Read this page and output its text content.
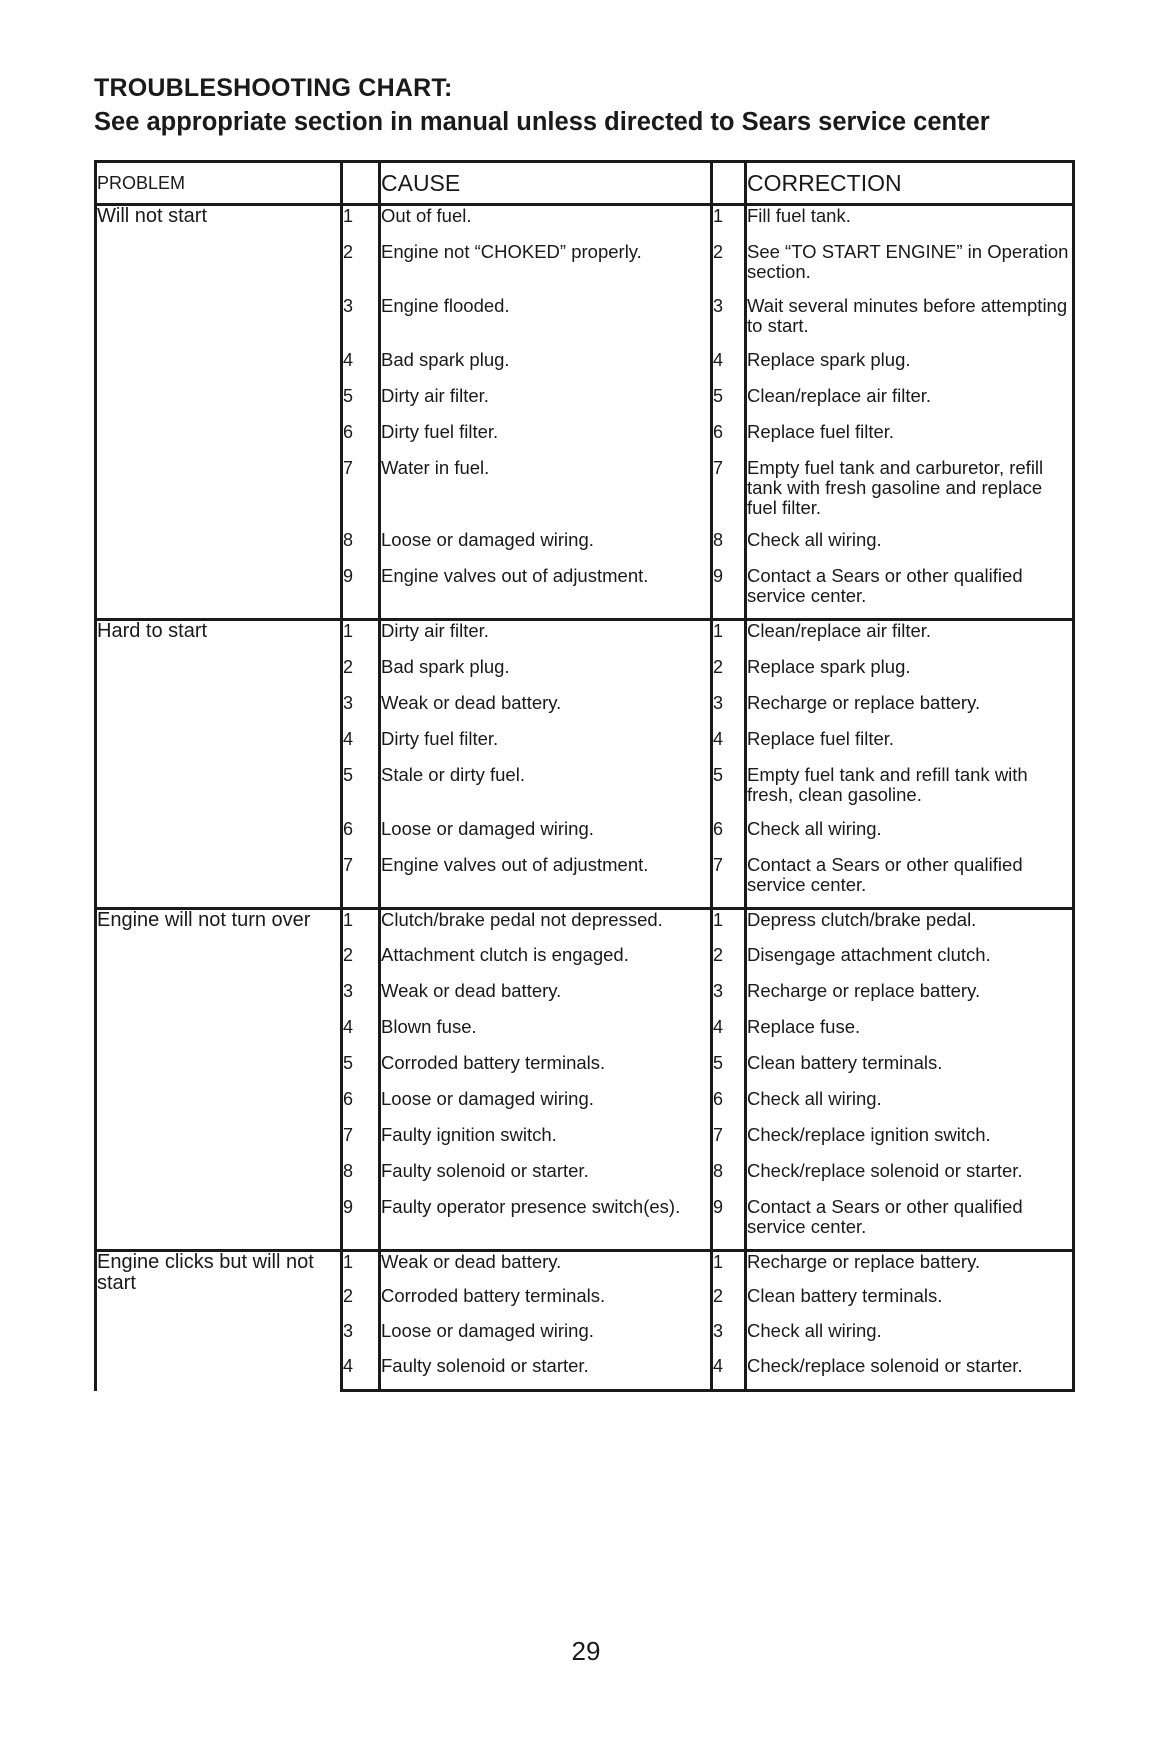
TROUBLESHOOTING CHART:
See appropriate section in manual unless directed to Sears service center
PROBLEM		CAUSE		CORRECTION
Will not start	1	Out of fuel.	1	Fill fuel tank.
	2	Engine not “CHOKED” properly.	2	See “TO START ENGINE” in Operation section.
	3	Engine flooded.	3	Wait several minutes before attempting to start.
	4	Bad spark plug.	4	Replace spark plug.
	5	Dirty air filter.	5	Clean/replace air filter.
	6	Dirty fuel filter.	6	Replace fuel filter.
	7	Water in fuel.	7	Empty fuel tank and carburetor, refill tank with fresh gasoline and replace fuel filter.
	8	Loose or damaged wiring.	8	Check all wiring.
	9	Engine valves out of adjustment.	9	Contact a Sears or other qualified service center.
Hard to start	1	Dirty air filter.	1	Clean/replace air filter.
	2	Bad spark plug.	2	Replace spark plug.
	3	Weak or dead battery.	3	Recharge or replace battery.
	4	Dirty fuel filter.	4	Replace fuel filter.
	5	Stale or dirty fuel.	5	Empty fuel tank and refill tank with fresh, clean gasoline.
	6	Loose or damaged wiring.	6	Check all wiring.
	7	Engine valves out of adjustment.	7	Contact a Sears or other qualified service center.
Engine will not turn over	1	Clutch/brake pedal not depressed.	1	Depress clutch/brake pedal.
	2	Attachment clutch is engaged.	2	Disengage attachment clutch.
	3	Weak or dead battery.	3	Recharge or replace battery.
	4	Blown fuse.	4	Replace fuse.
	5	Corroded battery terminals.	5	Clean battery terminals.
	6	Loose or damaged wiring.	6	Check all wiring.
	7	Faulty ignition switch.	7	Check/replace ignition switch.
	8	Faulty solenoid or starter.	8	Check/replace solenoid or starter.
	9	Faulty operator presence switch(es).	9	Contact a Sears or other qualified service center.
Engine clicks but will not start	1	Weak or dead battery.	1	Recharge or replace battery.
	2	Corroded battery terminals.	2	Clean battery terminals.
	3	Loose or damaged wiring.	3	Check all wiring.
	4	Faulty solenoid or starter.	4	Check/replace solenoid or starter.
29
